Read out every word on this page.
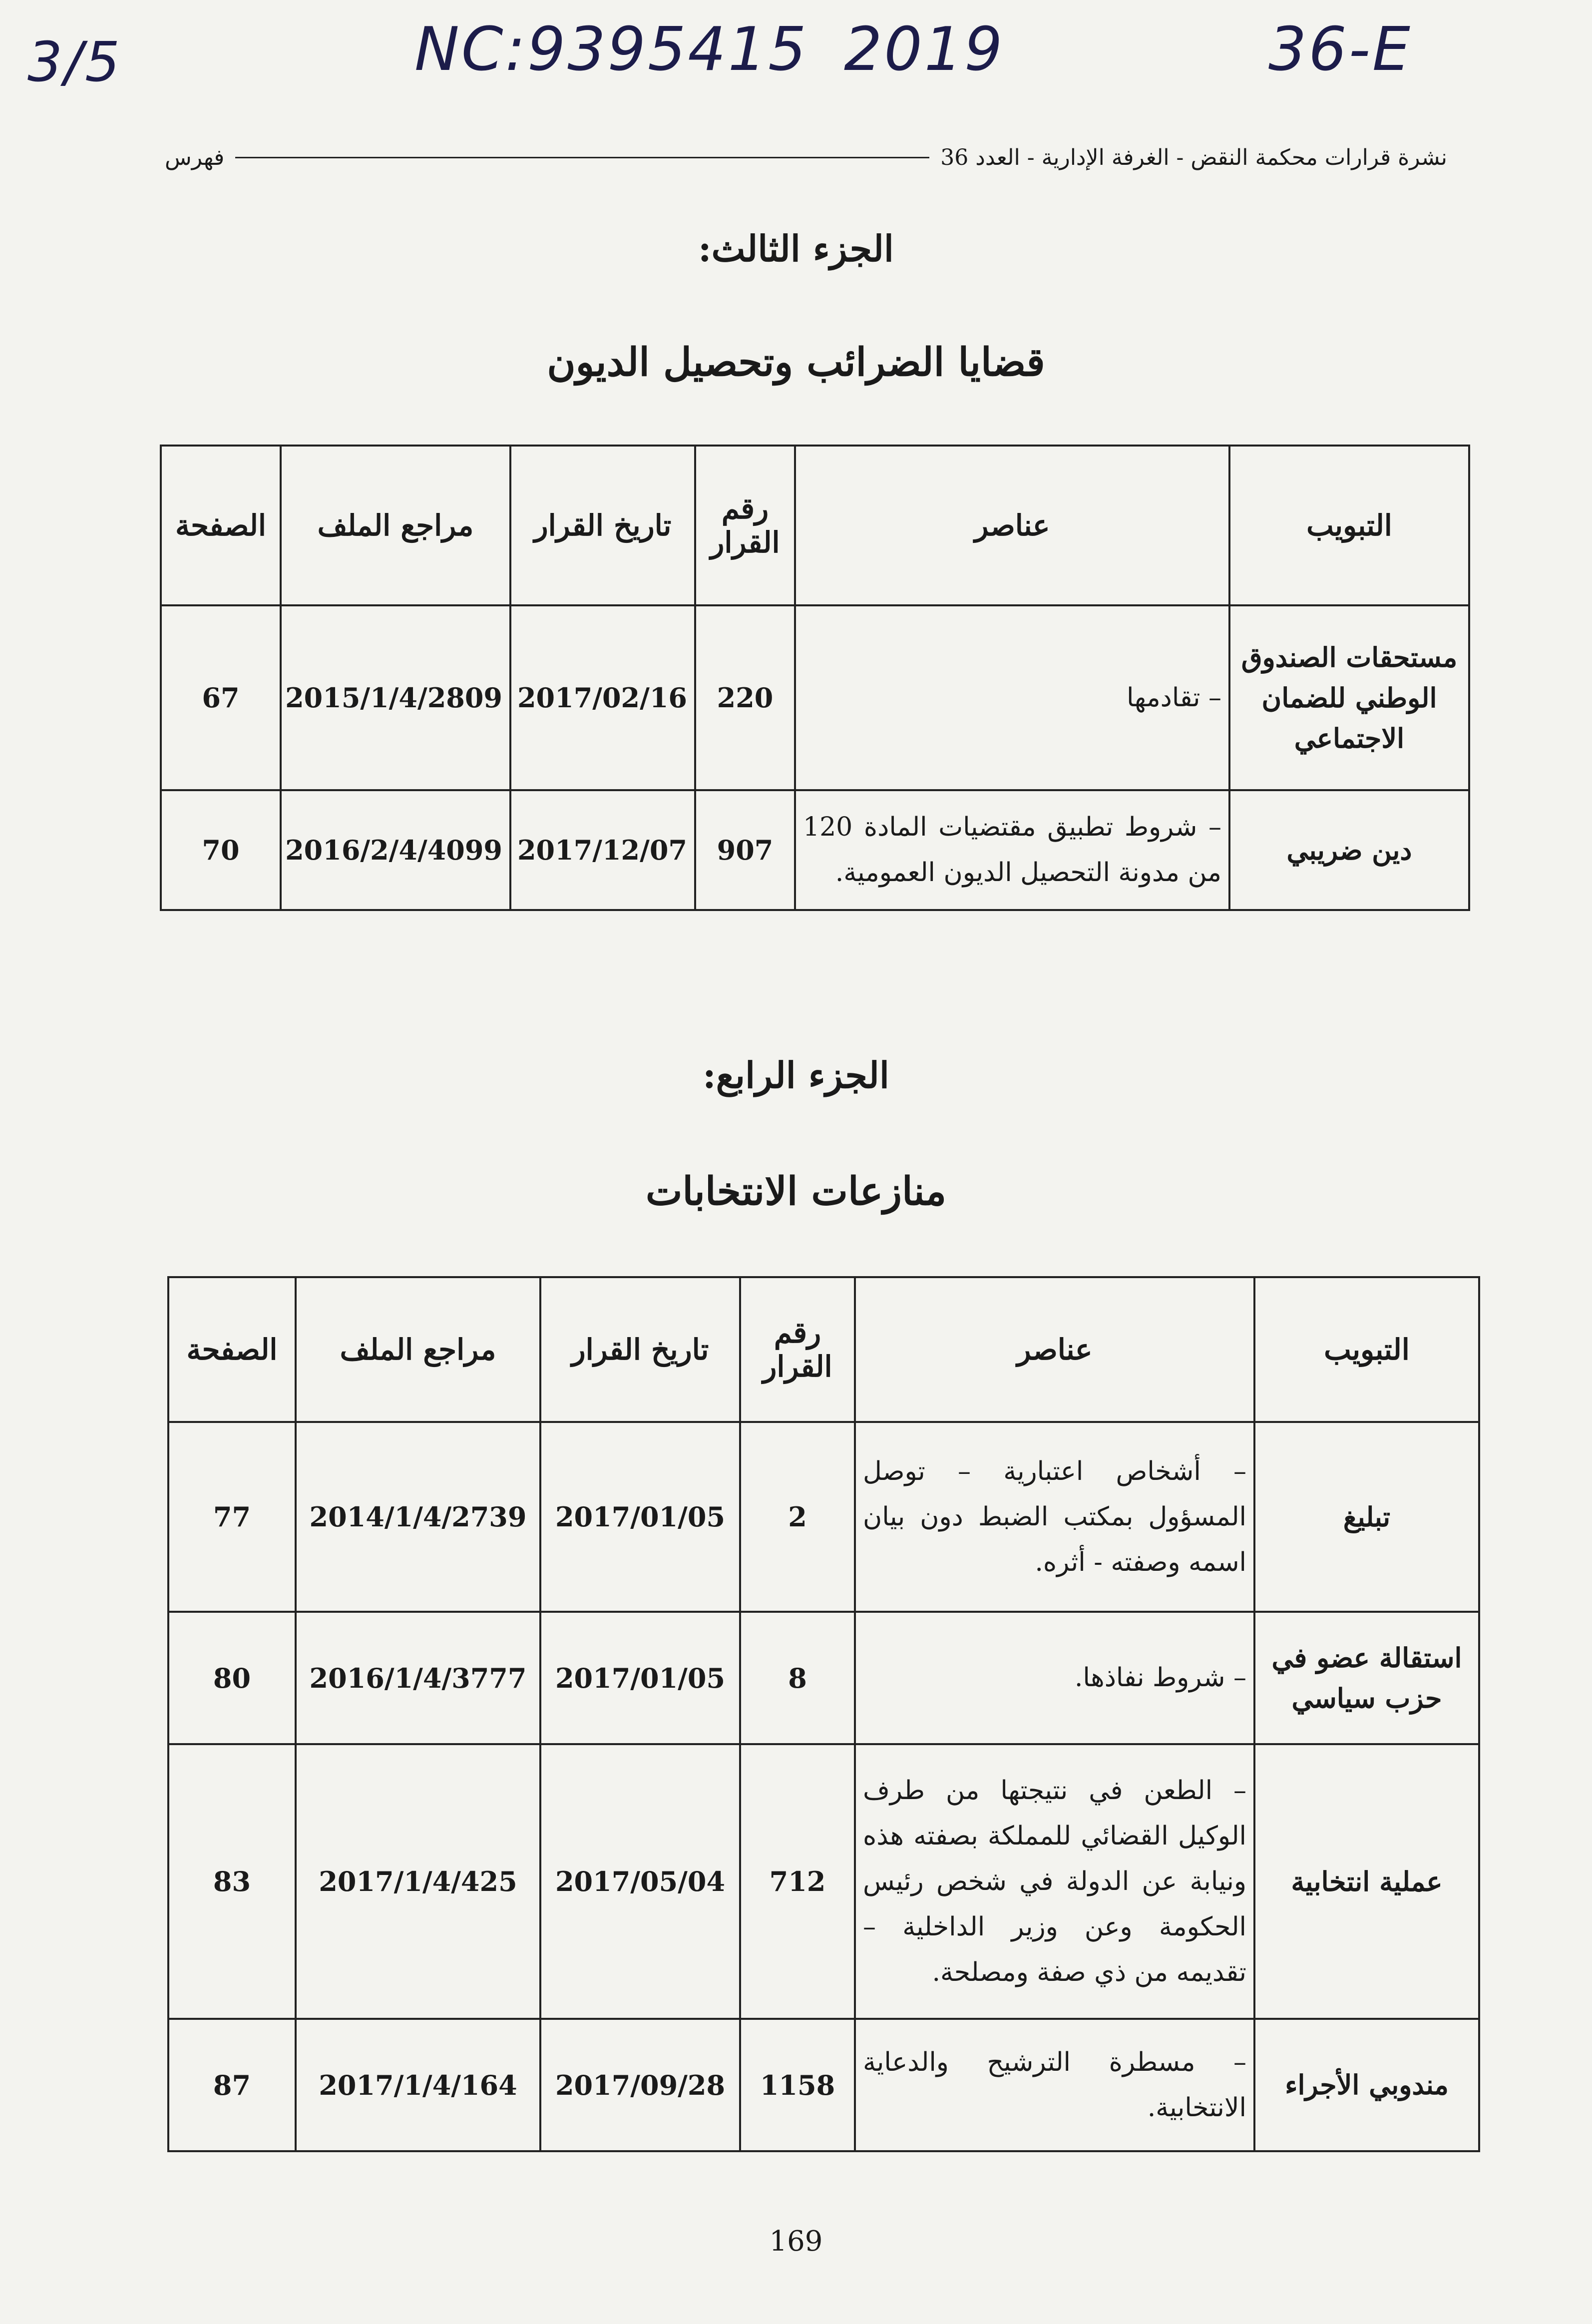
3/5	NC:9395415 2019	36-E
نشرة قرارات محكمة النقض - الغرفة الإدارية - العدد 36
فهرس
الجزء الثالث:
قضايا الضرائب وتحصيل الديون
التبويب	عناصر	رقم القرار	تاريخ القرار	مراجع الملف	الصفحة
مستحقات الصندوق الوطني للضمان الاجتماعي	– تقادمها	220	2017/02/16	2015/1/4/2809	67
دين ضريبي	– شروط تطبيق مقتضيات المادة 120 من مدونة التحصيل الديون العمومية.	907	2017/12/07	2016/2/4/4099	70
الجزء الرابع:
منازعات الانتخابات
التبويب	عناصر	رقم القرار	تاريخ القرار	مراجع الملف	الصفحة
تبليغ	– أشخاص اعتبارية – توصل المسؤول بمكتب الضبط دون بيان اسمه وصفته - أثره.	2	2017/01/05	2014/1/4/2739	77
استقالة عضو في حزب سياسي	– شروط نفاذها.	8	2017/01/05	2016/1/4/3777	80
عملية انتخابية	– الطعن في نتيجتها من طرف الوكيل القضائي للمملكة بصفته هذه ونيابة عن الدولة في شخص رئيس الحكومة وعن وزير الداخلية – تقديمه من ذي صفة ومصلحة.	712	2017/05/04	2017/1/4/425	83
مندوبي الأجراء	– مسطرة الترشيح والدعاية الانتخابية.	1158	2017/09/28	2017/1/4/164	87
169
